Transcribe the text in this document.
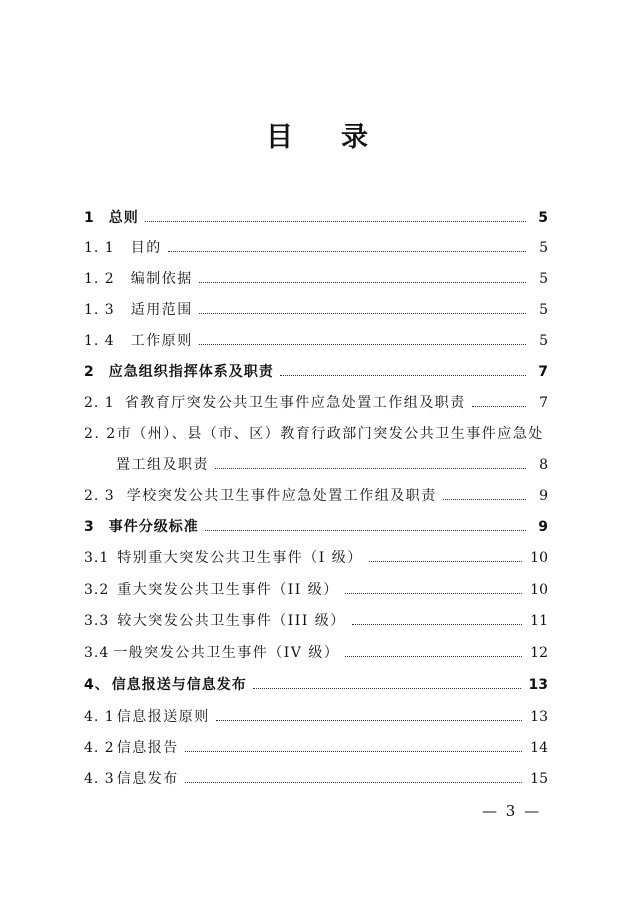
目 录
1 总则	5
1. 1 目的	5
1. 2 编制依据	5
1. 3 适用范围	5
1. 4 工作原则	5
2 应急组织指挥体系及职责	7
2. 1 省教育厅突发公共卫生事件应急处置工作组及职责	7
2. 2市（州）、县（市、区）教育行政部门突发公共卫生事件应急处
置工组及职责	8
2. 3 学校突发公共卫生事件应急处置工作组及职责	9
3 事件分级标准	9
3.1 特别重大突发公共卫生事件（I 级）	10
3.2 重大突发公共卫生事件（II 级）	10
3.3 较大突发公共卫生事件（III 级）	11
3.4 一般突发公共卫生事件（IV 级）	12
4、 信息报送与信息发布	13
4. 1 信息报送原则	13
4. 2 信息报告	14
4. 3 信息发布	15
— 3 —
